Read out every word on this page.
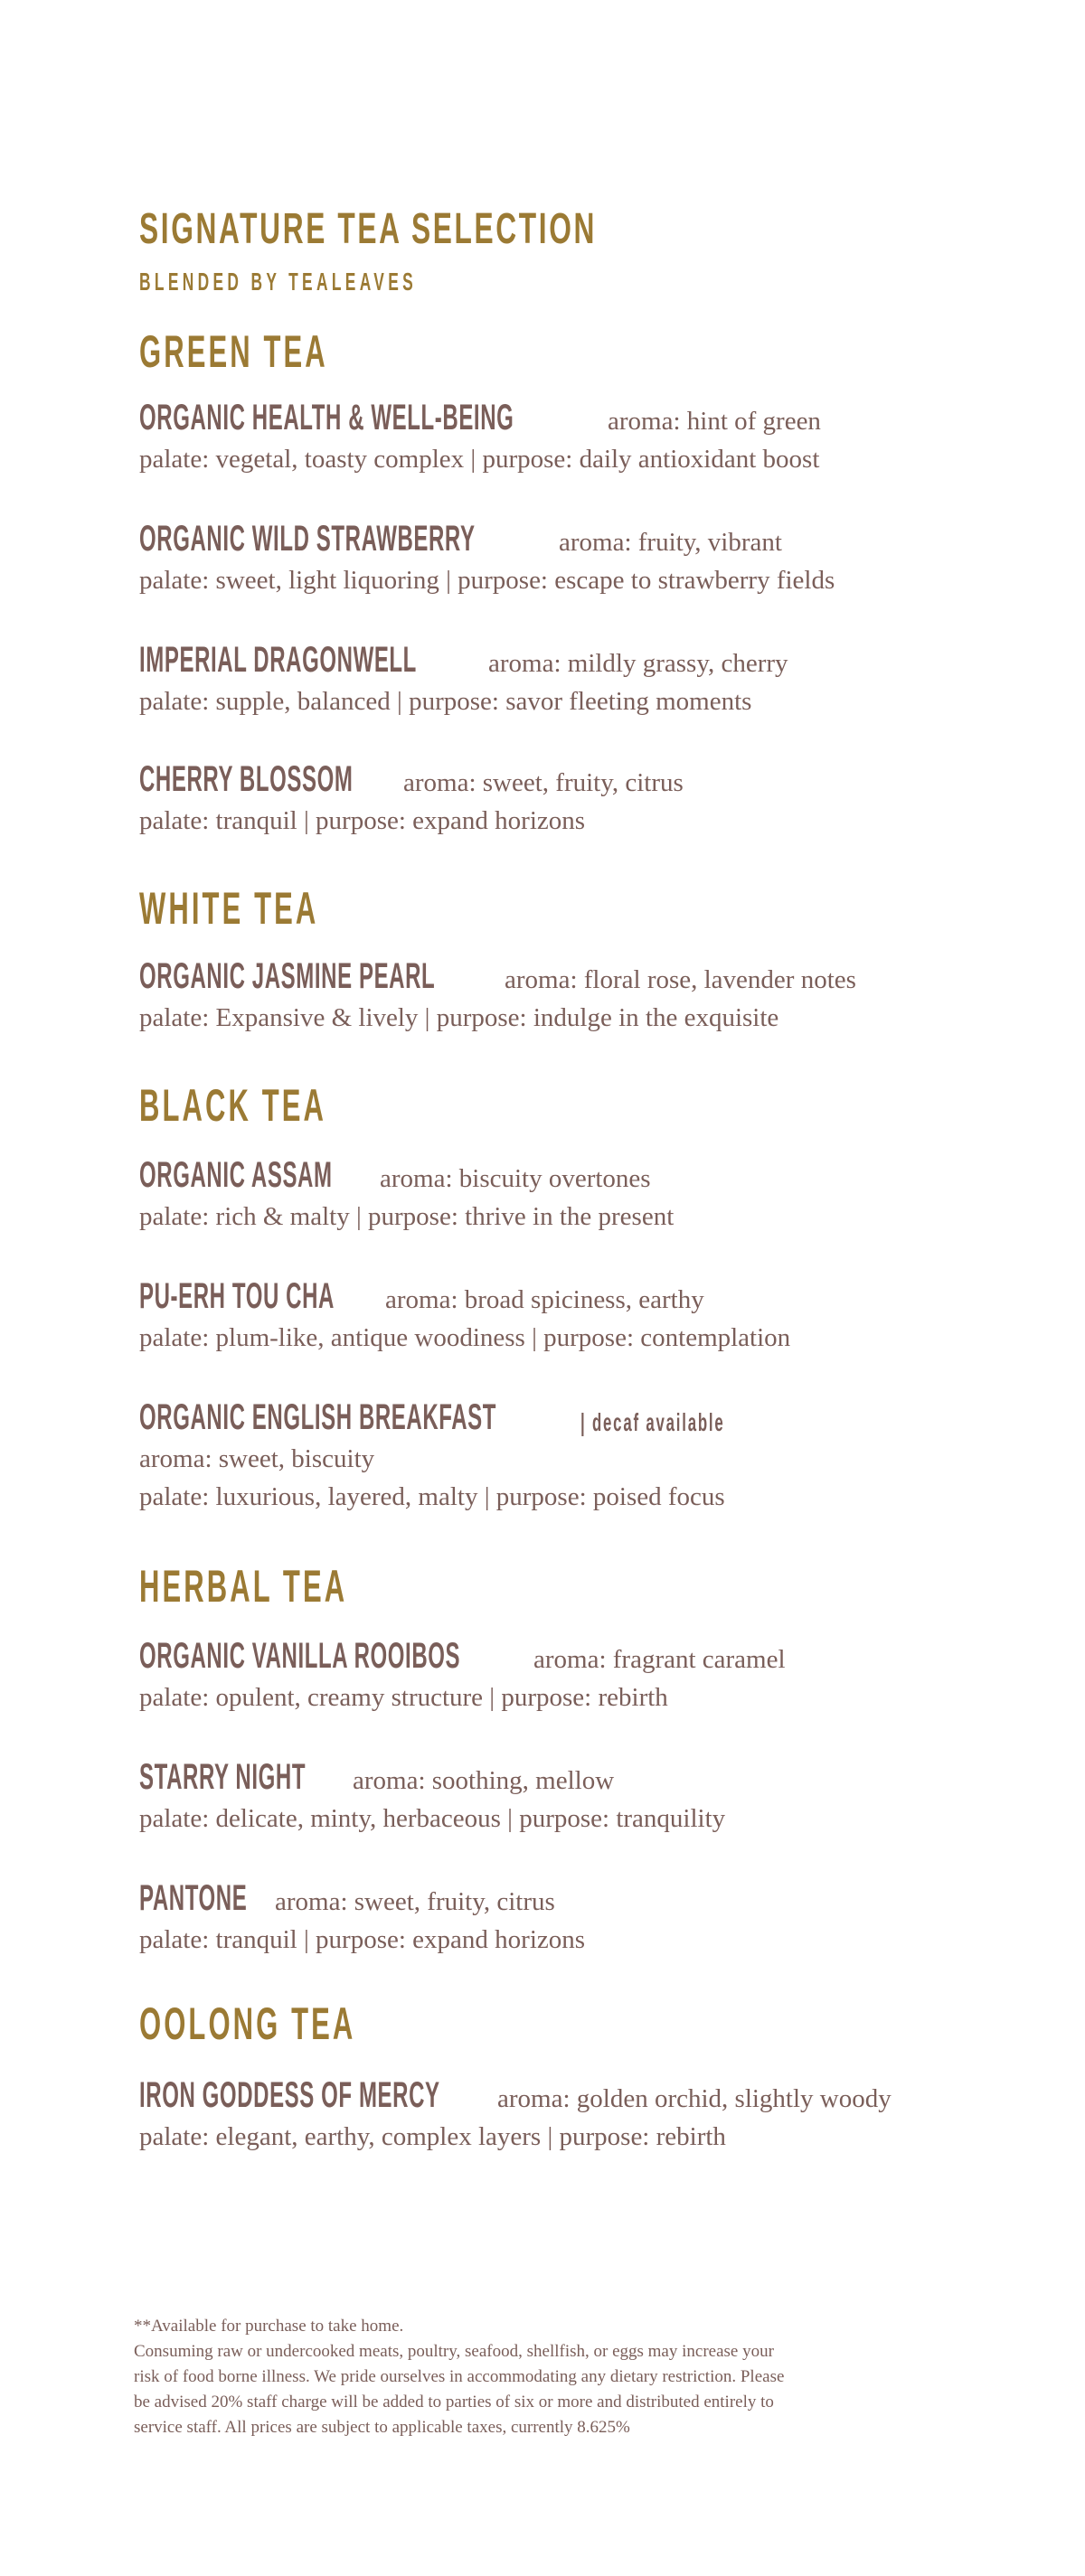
SIGNATURE TEA SELECTION
BLENDED BY TEALEAVES
GREEN TEA
ORGANIC HEALTH & WELL-BEING	aroma: hint of green
palate: vegetal, toasty complex | purpose: daily antioxidant boost
ORGANIC WILD STRAWBERRY	aroma: fruity, vibrant
palate: sweet, light liquoring | purpose: escape to strawberry fields
IMPERIAL DRAGONWELL	aroma: mildly grassy, cherry
palate: supple, balanced | purpose: savor fleeting moments
CHERRY BLOSSOM aroma: sweet, fruity, citrus
palate: tranquil | purpose: expand horizons
WHITE TEA
ORGANIC JASMINE PEARL	aroma: floral rose, lavender notes
palate: Expansive & lively | purpose: indulge in the exquisite
BLACK TEA
ORGANIC ASSAM aroma: biscuity overtones
palate: rich & malty | purpose: thrive in the present
PU-ERH TOU CHA aroma: broad spiciness, earthy
palate: plum-like, antique woodiness | purpose: contemplation
ORGANIC ENGLISH BREAKFAST	| decaf available
aroma: sweet, biscuity
palate: luxurious, layered, malty | purpose: poised focus
HERBAL TEA
ORGANIC VANILLA ROOIBOS	aroma: fragrant caramel
palate: opulent, creamy structure | purpose: rebirth
STARRY NIGHT aroma: soothing, mellow
palate: delicate, minty, herbaceous | purpose: tranquility
PANTONE aroma: sweet, fruity, citrus
palate: tranquil | purpose: expand horizons
OOLONG TEA
IRON GODDESS OF MERCY aroma: golden orchid, slightly woody
palate: elegant, earthy, complex layers | purpose: rebirth

**Available for purchase to take home.

Consuming raw or undercooked meats, poultry, seafood, shellfish, or eggs may increase your

risk of food borne illness. We pride ourselves in accommodating any dietary restriction. Please

be advised 20% staff charge will be added to parties of six or more and distributed entirely to

service staff. All prices are subject to applicable taxes, currently 8.625%
